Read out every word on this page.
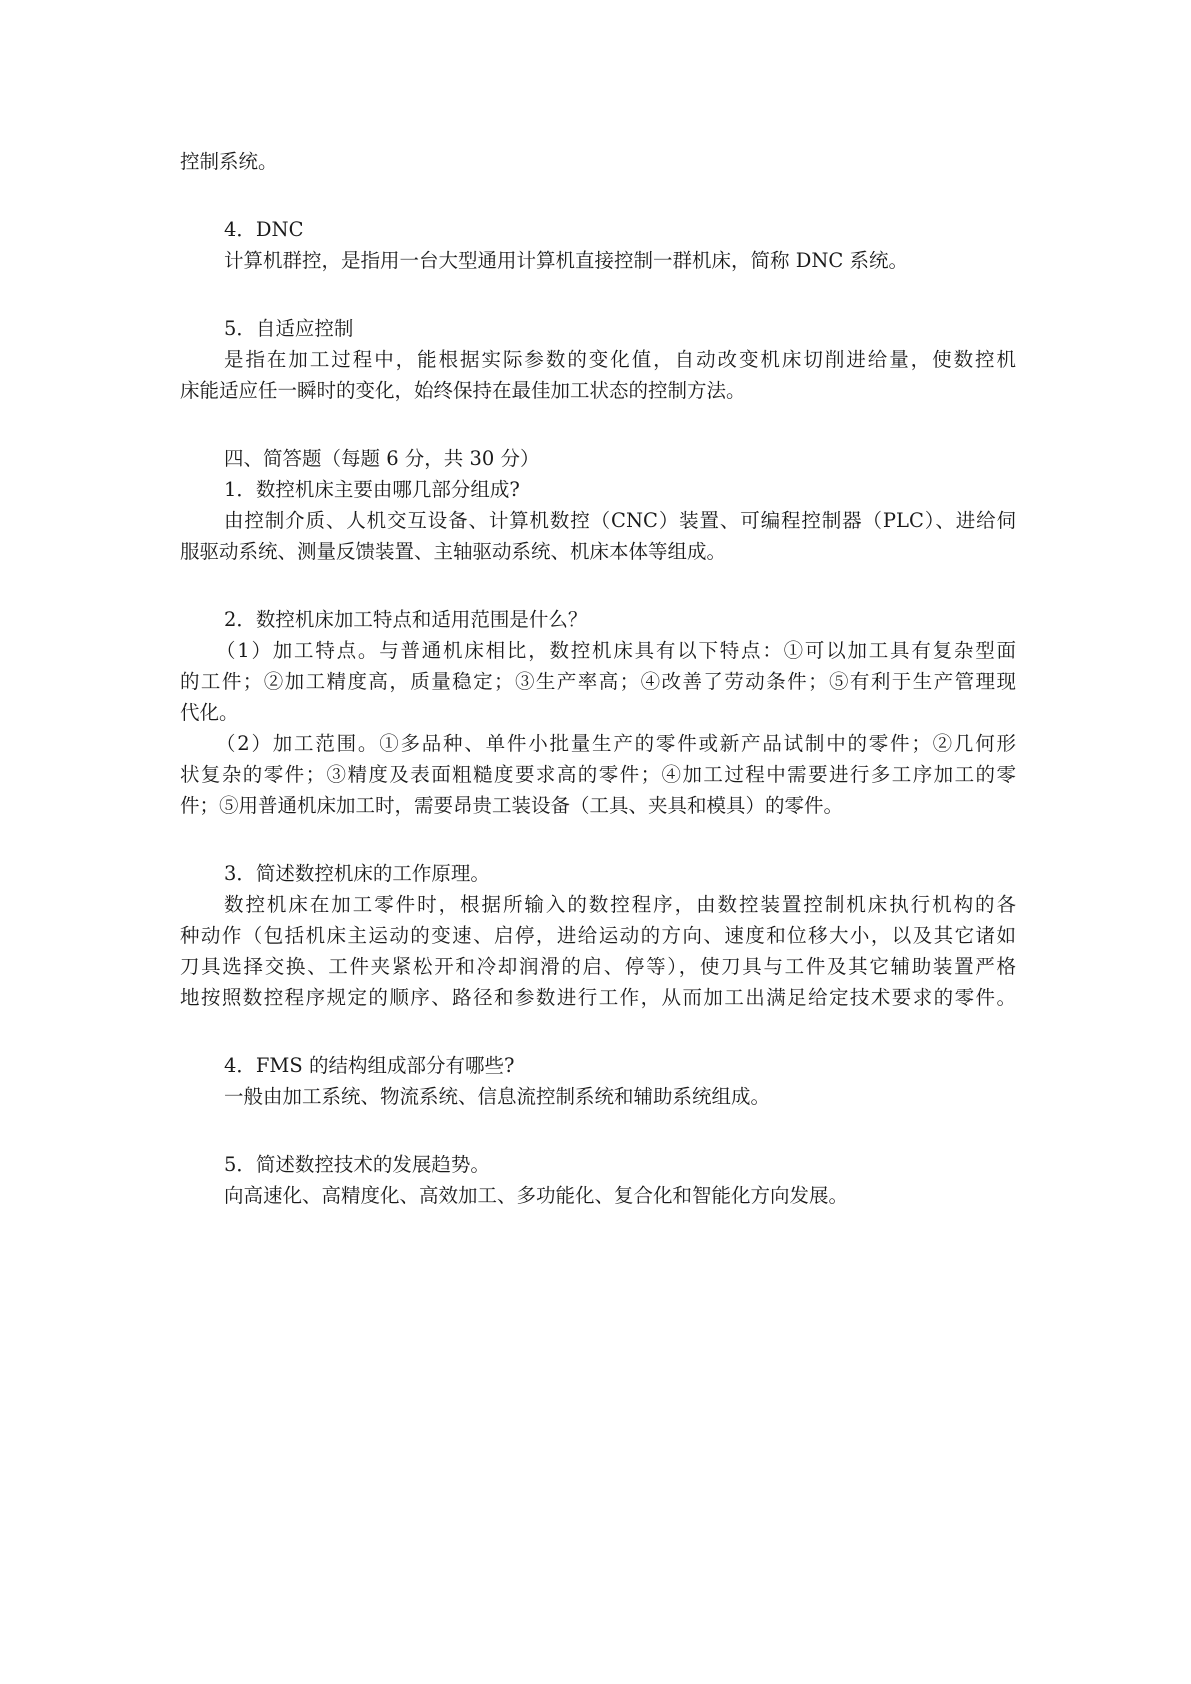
控制系统。
4．DNC
计算机群控，是指用一台大型通用计算机直接控制一群机床，简称 DNC 系统。
5．自适应控制
是指在加工过程中，能根据实际参数的变化值，自动改变机床切削进给量，使数控机
床能适应任一瞬时的变化，始终保持在最佳加工状态的控制方法。
四、简答题（每题 6 分，共 30 分）
1．数控机床主要由哪几部分组成?
由控制介质、人机交互设备、计算机数控（CNC）装置、可编程控制器（PLC）、进给伺
服驱动系统、测量反馈装置、主轴驱动系统、机床本体等组成。
2．数控机床加工特点和适用范围是什么？
（1）加工特点。与普通机床相比，数控机床具有以下特点：①可以加工具有复杂型面
的工件；②加工精度高，质量稳定；③生产率高；④改善了劳动条件；⑤有利于生产管理现
代化。
（2）加工范围。①多品种、单件小批量生产的零件或新产品试制中的零件；②几何形
状复杂的零件；③精度及表面粗糙度要求高的零件；④加工过程中需要进行多工序加工的零
件；⑤用普通机床加工时，需要昂贵工装设备（工具、夹具和模具）的零件。
3．简述数控机床的工作原理。
数控机床在加工零件时，根据所输入的数控程序，由数控装置控制机床执行机构的各
种动作（包括机床主运动的变速、启停，进给运动的方向、速度和位移大小，以及其它诸如
刀具选择交换、工件夹紧松开和冷却润滑的启、停等），使刀具与工件及其它辅助装置严格
地按照数控程序规定的顺序、路径和参数进行工作，从而加工出满足给定技术要求的零件。
4．FMS 的结构组成部分有哪些?
一般由加工系统、物流系统、信息流控制系统和辅助系统组成。
5．简述数控技术的发展趋势。
向高速化、高精度化、高效加工、多功能化、复合化和智能化方向发展。
